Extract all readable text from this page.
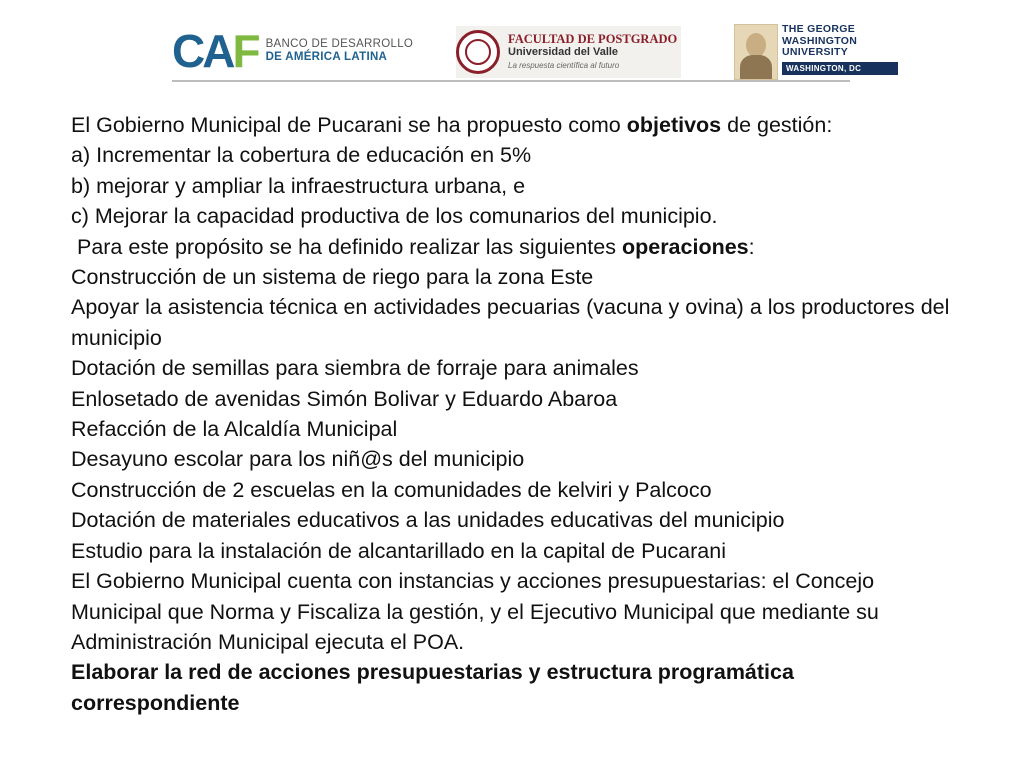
C A F BANCO DE DESARROLLO
DE AMÉRICA LATINA
FACULTAD DE POSTGRADO
Universidad del Valle
La respuesta científica al futuro
THE GEORGE
WASHINGTON
UNIVERSITY
WASHINGTON, DC
El Gobierno Municipal de Pucarani se ha propuesto como objetivos de gestión:
a) Incrementar la cobertura de educación en 5%
b) mejorar y ampliar la infraestructura urbana, e
c) Mejorar la capacidad productiva de los comunarios del municipio.
Para este propósito se ha definido realizar las siguientes operaciones:
Construcción de un sistema de riego para la zona Este
Apoyar la asistencia técnica en actividades pecuarias (vacuna y ovina) a los productores del municipio
Dotación de semillas para siembra de forraje para animales
Enlosetado de avenidas Simón Bolivar y Eduardo Abaroa
Refacción de la Alcaldía Municipal
Desayuno escolar para los niñ@s del municipio
Construcción de 2 escuelas en la comunidades de kelviri y Palcoco
Dotación de materiales educativos a las unidades educativas del municipio
Estudio para la instalación de alcantarillado en la capital de Pucarani
El Gobierno Municipal cuenta con instancias y acciones presupuestarias: el Concejo Municipal que Norma y Fiscaliza la gestión, y el Ejecutivo Municipal que mediante su Administración Municipal ejecuta el POA.
Elaborar la red de acciones presupuestarias y estructura programática correspondiente
